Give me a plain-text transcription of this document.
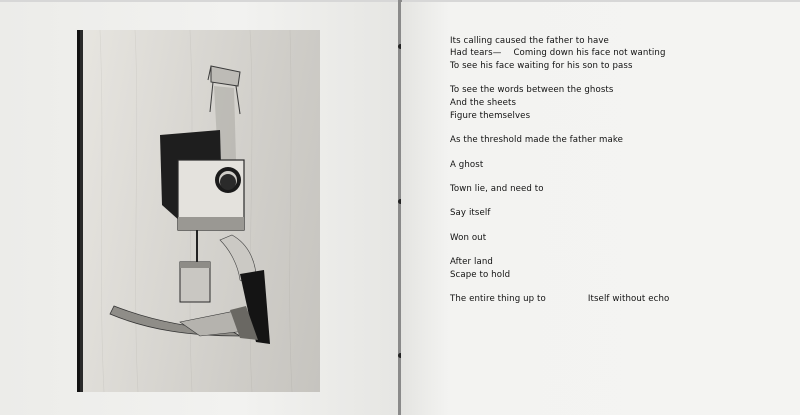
Its calling caused the father to have
Had tears— Coming down his face not wanting
To see his face waiting for his son to pass
To see the words between the ghosts
And the sheets
Figure themselves
As the threshold made the father make
A ghost
Town lie, and need to
Say itself
Won out
After land
Scape to hold
The entire thing up to	Itself without echo
